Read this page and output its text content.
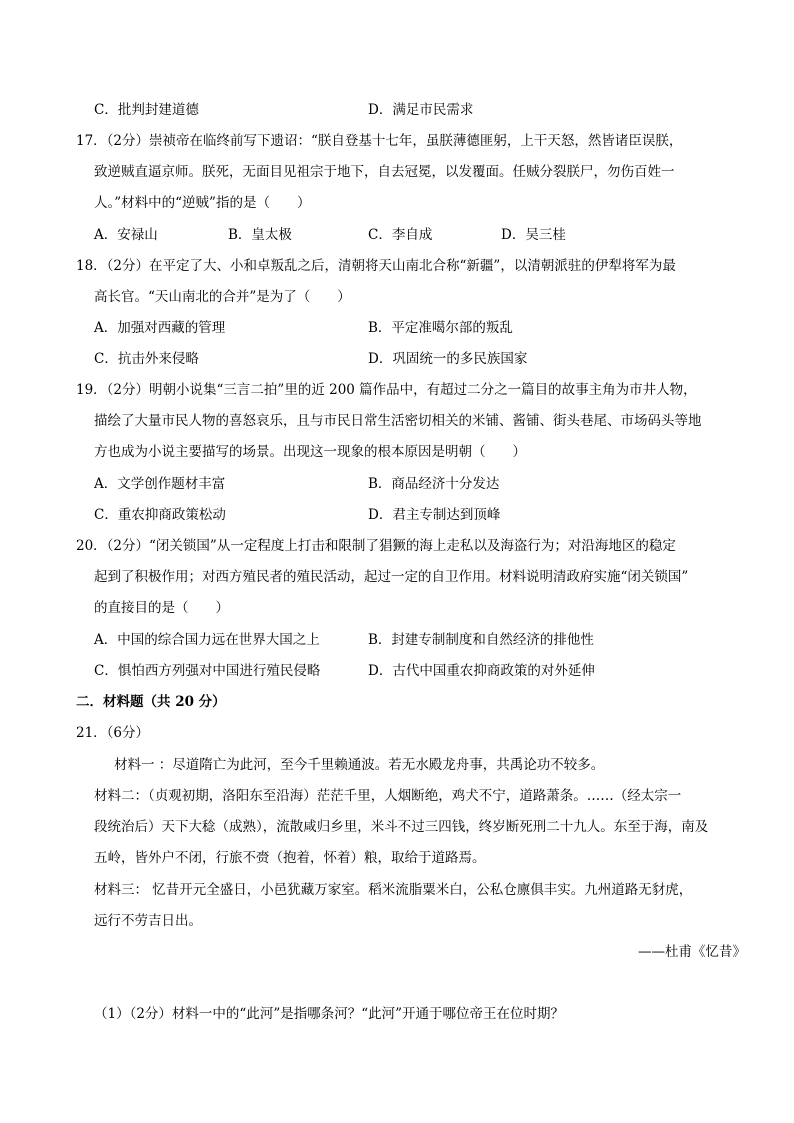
C．批判封建道德	D．满足市民需求
17．（2分）崇祯帝在临终前写下遗诏：“朕自登基十七年，虽朕薄德匪躬，上干天怒，然皆诸臣误朕，
致逆贼直逼京师。朕死，无面目见祖宗于地下，自去冠冕，以发覆面。任贼分裂朕尸，勿伤百姓一
人。”材料中的“逆贼”指的是（　　）
A．安禄山	B．皇太极	C．李自成	D．吴三桂
18．（2分）在平定了大、小和卓叛乱之后，清朝将天山南北合称“新疆”，以清朝派驻的伊犁将军为最
高长官。“天山南北的合并”是为了（　　）
A．加强对西藏的管理	B．平定准噶尔部的叛乱
C．抗击外来侵略	D．巩固统一的多民族国家
19．（2分）明朝小说集“三言二拍”里的近 200 篇作品中，有超过二分之一篇目的故事主角为市井人物，
描绘了大量市民人物的喜怒哀乐，且与市民日常生活密切相关的米铺、酱铺、街头巷尾、市场码头等地
方也成为小说主要描写的场景。出现这一现象的根本原因是明朝（　　）
A．文学创作题材丰富	B．商品经济十分发达
C．重农抑商政策松动	D．君主专制达到顶峰
20．（2分）“闭关锁国”从一定程度上打击和限制了猖獗的海上走私以及海盗行为；对沿海地区的稳定
起到了积极作用；对西方殖民者的殖民活动，起过一定的自卫作用。材料说明清政府实施“闭关锁国”
的直接目的是（　　）
A．中国的综合国力远在世界大国之上	B．封建专制制度和自然经济的排他性
C．惧怕西方列强对中国进行殖民侵略	D．古代中国重农抑商政策的对外延伸
二．材料题（共 20 分）
21．（6分）
材料一 ：尽道隋亡为此河，至今千里赖通波。若无水殿龙舟事，共禹论功不较多。
材料二：（贞观初期，洛阳东至沿海）茫茫千里，人烟断绝，鸡犬不宁，道路萧条。……（经太宗一
段统治后）天下大稔（成熟），流散咸归乡里，米斗不过三四钱，终岁断死刑二十九人。东至于海，南及
五岭，皆外户不闭，行旅不赍（抱着，怀着）粮，取给于道路焉。
材料三： 忆昔开元全盛日，小邑犹藏万家室。稻米流脂粟米白，公私仓廪俱丰实。九州道路无豺虎，
远行不劳吉日出。
——杜甫《忆昔》
（1）（2分）材料一中的“此河”是指哪条河？“此河”开通于哪位帝王在位时期？
